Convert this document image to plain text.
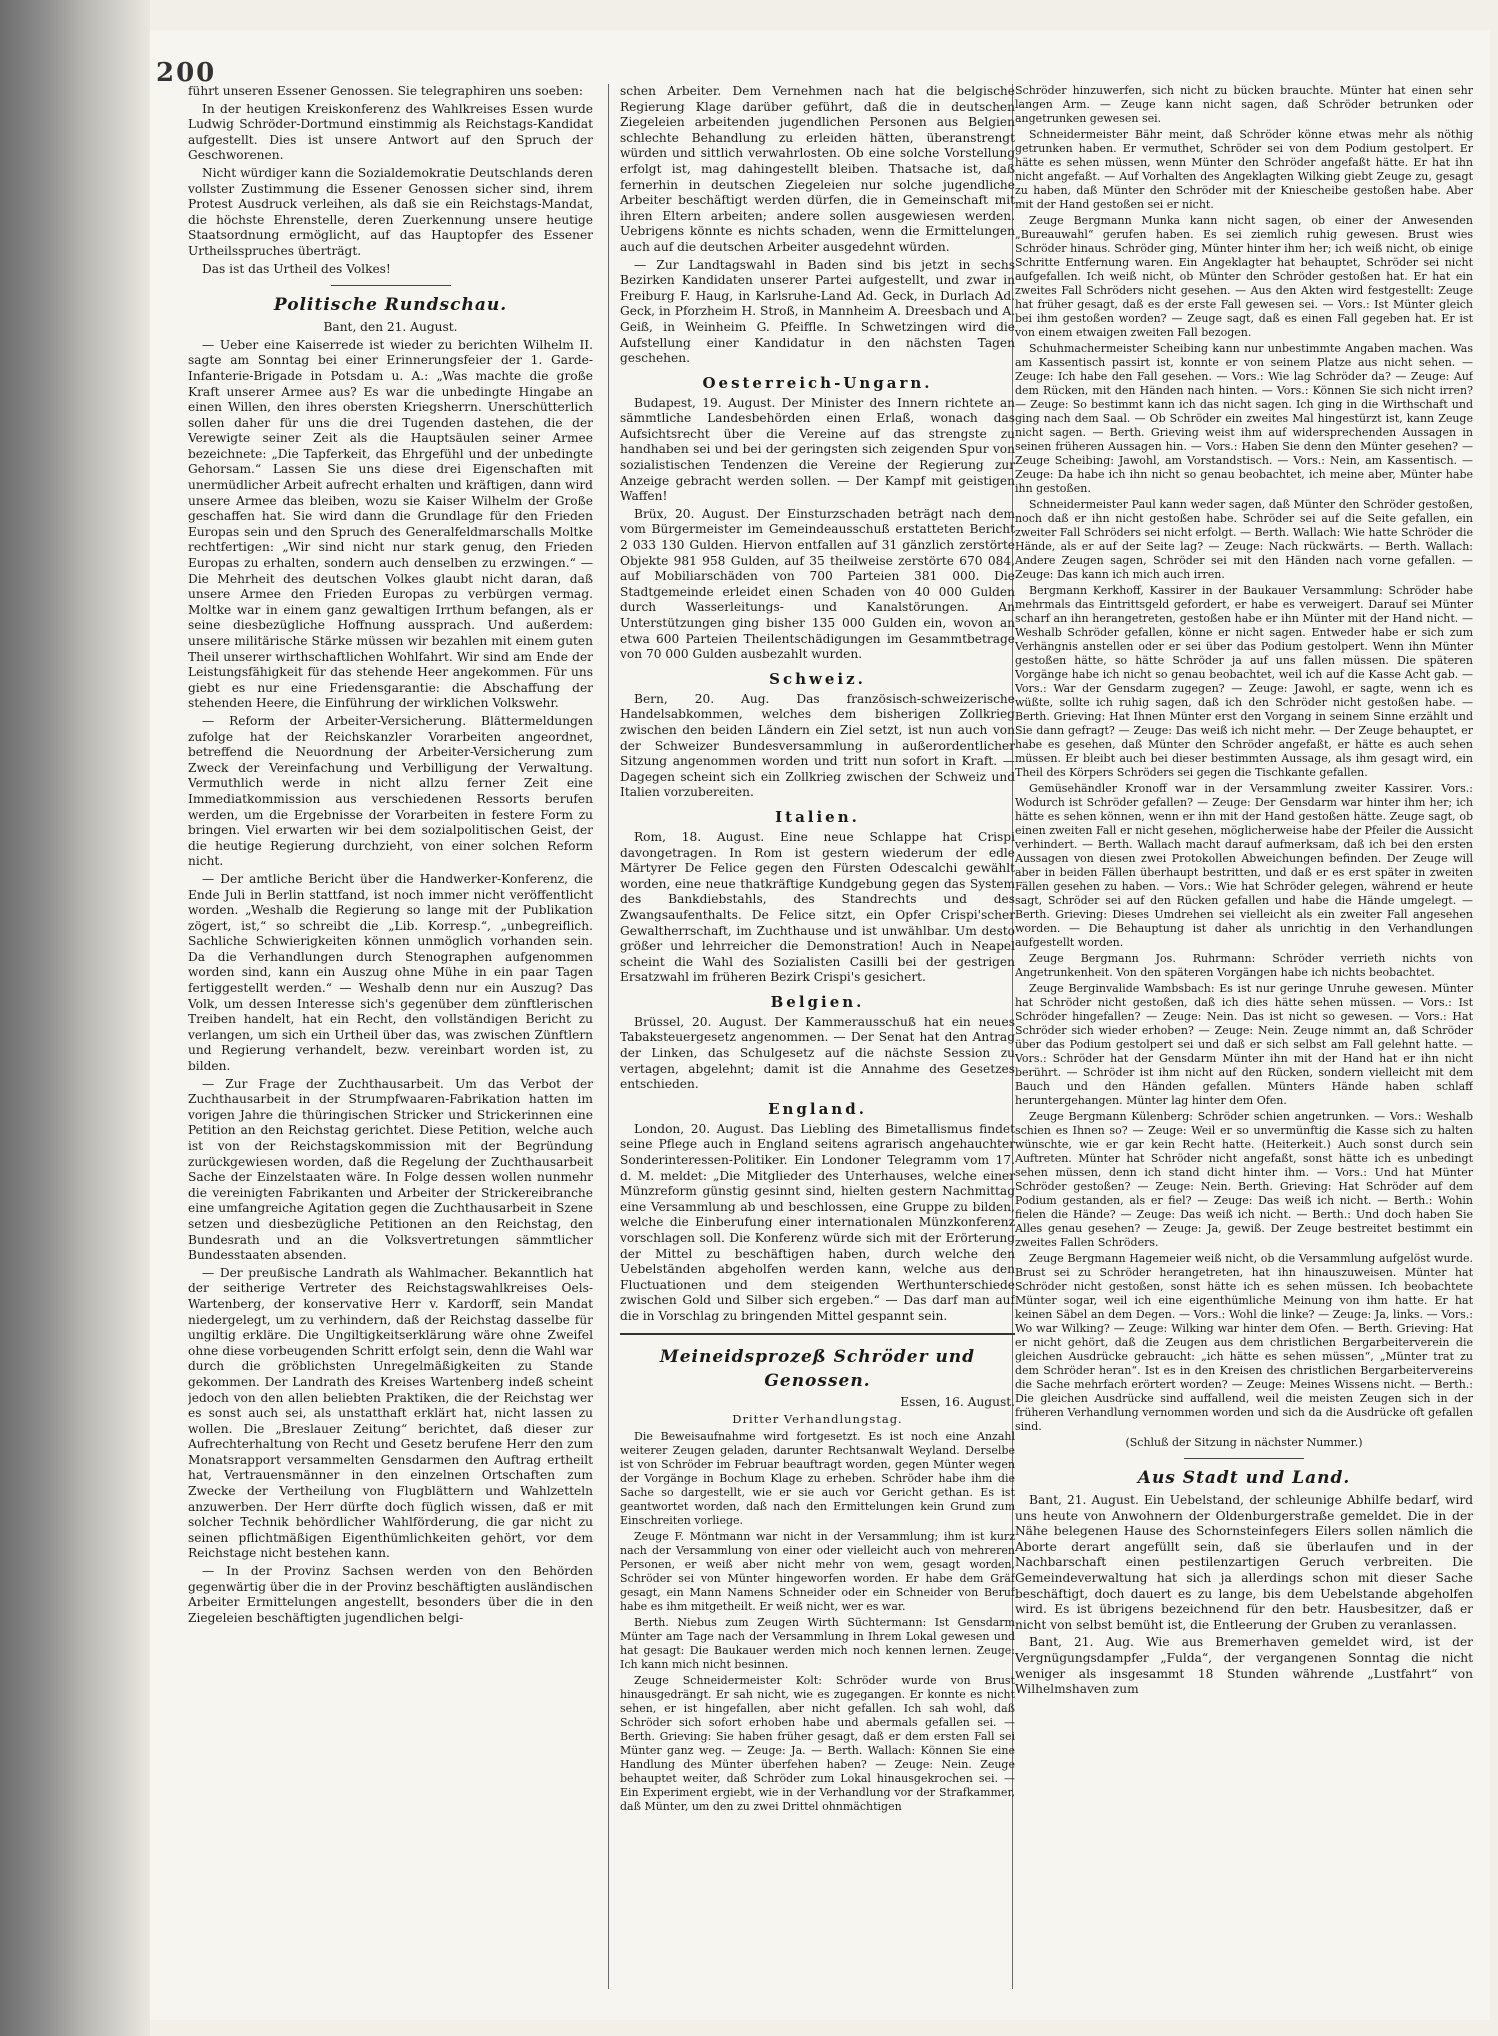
200

führt unseren Essener Genossen. Sie telegraphiren uns soeben:

In der heutigen Kreiskonferenz des Wahlkreises Essen wurde Ludwig Schröder-Dortmund einstimmig als Reichstags-Kandidat aufgestellt. Dies ist unsere Antwort auf den Spruch der Geschworenen.

Nicht würdiger kann die Sozialdemokratie Deutschlands deren vollster Zustimmung die Essener Genossen sicher sind, ihrem Protest Ausdruck verleihen, als daß sie ein Reichstags-Mandat, die höchste Ehrenstelle, deren Zuerkennung unsere heutige Staatsordnung ermöglicht, auf das Hauptopfer des Essener Urtheilsspruches überträgt.

Das ist das Urtheil des Volkes!

Politische Rundschau.

Bant, den 21. August.

— Ueber eine Kaiserrede ist wieder zu berichten Wilhelm II. sagte am Sonntag bei einer Erinnerungsfeier der 1. Garde-Infanterie-Brigade in Potsdam u. A.: „Was machte die große Kraft unserer Armee aus? Es war die unbedingte Hingabe an einen Willen, den ihres obersten Kriegsherrn. Unerschütterlich sollen daher für uns die drei Tugenden dastehen, die der Verewigte seiner Zeit als die Hauptsäulen seiner Armee bezeichnete: „Die Tapferkeit, das Ehrgefühl und der unbedingte Gehorsam.“ Lassen Sie uns diese drei Eigenschaften mit unermüdlicher Arbeit aufrecht erhalten und kräftigen, dann wird unsere Armee das bleiben, wozu sie Kaiser Wilhelm der Große geschaffen hat. Sie wird dann die Grundlage für den Frieden Europas sein und den Spruch des Generalfeldmarschalls Moltke rechtfertigen: „Wir sind nicht nur stark genug, den Frieden Europas zu erhalten, sondern auch denselben zu erzwingen.“ — Die Mehrheit des deutschen Volkes glaubt nicht daran, daß unsere Armee den Frieden Europas zu verbürgen vermag. Moltke war in einem ganz gewaltigen Irrthum befangen, als er seine diesbezügliche Hoffnung aussprach. Und außerdem: unsere militärische Stärke müssen wir bezahlen mit einem guten Theil unserer wirthschaftlichen Wohlfahrt. Wir sind am Ende der Leistungsfähigkeit für das stehende Heer angekommen. Für uns giebt es nur eine Friedensgarantie: die Abschaffung der stehenden Heere, die Einführung der wirklichen Volkswehr.

— Reform der Arbeiter-Versicherung. Blättermeldungen zufolge hat der Reichskanzler Vorarbeiten angeordnet, betreffend die Neuordnung der Arbeiter-Versicherung zum Zweck der Vereinfachung und Verbilligung der Verwaltung. Vermuthlich werde in nicht allzu ferner Zeit eine Immediatkommission aus verschiedenen Ressorts berufen werden, um die Ergebnisse der Vorarbeiten in festere Form zu bringen. Viel erwarten wir bei dem sozialpolitischen Geist, der die heutige Regierung durchzieht, von einer solchen Reform nicht.

— Der amtliche Bericht über die Handwerker-Konferenz, die Ende Juli in Berlin stattfand, ist noch immer nicht veröffentlicht worden. „Weshalb die Regierung so lange mit der Publikation zögert, ist,“ so schreibt die „Lib. Korresp.“, „unbegreiflich. Sachliche Schwierigkeiten können unmöglich vorhanden sein. Da die Verhandlungen durch Stenographen aufgenommen worden sind, kann ein Auszug ohne Mühe in ein paar Tagen fertiggestellt werden.“ — Weshalb denn nur ein Auszug? Das Volk, um dessen Interesse sich's gegenüber dem zünftlerischen Treiben handelt, hat ein Recht, den vollständigen Bericht zu verlangen, um sich ein Urtheil über das, was zwischen Zünftlern und Regierung verhandelt, bezw. vereinbart worden ist, zu bilden.

— Zur Frage der Zuchthausarbeit. Um das Verbot der Zuchthausarbeit in der Strumpfwaaren-Fabrikation hatten im vorigen Jahre die thüringischen Stricker und Strickerinnen eine Petition an den Reichstag gerichtet. Diese Petition, welche auch ist von der Reichstagskommission mit der Begründung zurückgewiesen worden, daß die Regelung der Zuchthausarbeit Sache der Einzelstaaten wäre. In Folge dessen wollen nunmehr die vereinigten Fabrikanten und Arbeiter der Strickereibranche eine umfangreiche Agitation gegen die Zuchthausarbeit in Szene setzen und diesbezügliche Petitionen an den Reichstag, den Bundesrath und an die Volksvertretungen sämmtlicher Bundesstaaten absenden.

— Der preußische Landrath als Wahlmacher. Bekanntlich hat der seitherige Vertreter des Reichstagswahlkreises Oels-Wartenberg, der konservative Herr v. Kardorff, sein Mandat niedergelegt, um zu verhindern, daß der Reichstag dasselbe für ungiltig erkläre. Die Ungiltigkeitserklärung wäre ohne Zweifel ohne diese vorbeugenden Schritt erfolgt sein, denn die Wahl war durch die gröblichsten Unregelmäßigkeiten zu Stande gekommen. Der Landrath des Kreises Wartenberg indeß scheint jedoch von den allen beliebten Praktiken, die der Reichstag wer es sonst auch sei, als unstatthaft erklärt hat, nicht lassen zu wollen. Die „Breslauer Zeitung“ berichtet, daß dieser zur Aufrechterhaltung von Recht und Gesetz berufene Herr den zum Monatsrapport versammelten Gensdarmen den Auftrag ertheilt hat, Vertrauensmänner in den einzelnen Ortschaften zum Zwecke der Vertheilung von Flugblättern und Wahlzetteln anzuwerben. Der Herr dürfte doch füglich wissen, daß er mit solcher Technik behördlicher Wahlförderung, die gar nicht zu seinen pflichtmäßigen Eigenthümlichkeiten gehört, vor dem Reichstage nicht bestehen kann.

— In der Provinz Sachsen werden von den Behörden gegenwärtig über die in der Provinz beschäftigten ausländischen Arbeiter Ermittelungen angestellt, besonders über die in den Ziegeleien beschäftigten jugendlichen belgi-

schen Arbeiter. Dem Vernehmen nach hat die belgische Regierung Klage darüber geführt, daß die in deutschen Ziegeleien arbeitenden jugendlichen Personen aus Belgien schlechte Behandlung zu erleiden hätten, überanstrengt würden und sittlich verwahrlosten. Ob eine solche Vorstellung erfolgt ist, mag dahingestellt bleiben. Thatsache ist, daß fernerhin in deutschen Ziegeleien nur solche jugendliche Arbeiter beschäftigt werden dürfen, die in Gemeinschaft mit ihren Eltern arbeiten; andere sollen ausgewiesen werden. Uebrigens könnte es nichts schaden, wenn die Ermittelungen auch auf die deutschen Arbeiter ausgedehnt würden.

— Zur Landtagswahl in Baden sind bis jetzt in sechs Bezirken Kandidaten unserer Partei aufgestellt, und zwar in Freiburg F. Haug, in Karlsruhe-Land Ad. Geck, in Durlach Ad. Geck, in Pforzheim H. Stroß, in Mannheim A. Dreesbach und A. Geiß, in Weinheim G. Pfeiffle. In Schwetzingen wird die Aufstellung einer Kandidatur in den nächsten Tagen geschehen.

Oesterreich-Ungarn.

Budapest, 19. August. Der Minister des Innern richtete an sämmtliche Landesbehörden einen Erlaß, wonach das Aufsichtsrecht über die Vereine auf das strengste zu handhaben sei und bei der geringsten sich zeigenden Spur von sozialistischen Tendenzen die Vereine der Regierung zur Anzeige gebracht werden sollen. — Der Kampf mit geistigen Waffen!

Brüx, 20. August. Der Einsturzschaden beträgt nach dem vom Bürgermeister im Gemeindeausschuß erstatteten Bericht 2 033 130 Gulden. Hiervon entfallen auf 31 gänzlich zerstörte Objekte 981 958 Gulden, auf 35 theilweise zerstörte 670 084, auf Mobiliarschäden von 700 Parteien 381 000. Die Stadtgemeinde erleidet einen Schaden von 40 000 Gulden durch Wasserleitungs- und Kanalstörungen. An Unterstützungen ging bisher 135 000 Gulden ein, wovon an etwa 600 Parteien Theilentschädigungen im Gesammtbetrage von 70 000 Gulden ausbezahlt wurden.

Schweiz.

Bern, 20. Aug. Das französisch-schweizerische Handelsabkommen, welches dem bisherigen Zollkrieg zwischen den beiden Ländern ein Ziel setzt, ist nun auch von der Schweizer Bundesversammlung in außerordentlicher Sitzung angenommen worden und tritt nun sofort in Kraft. — Dagegen scheint sich ein Zollkrieg zwischen der Schweiz und Italien vorzubereiten.

Italien.

Rom, 18. August. Eine neue Schlappe hat Crispi davongetragen. In Rom ist gestern wiederum der edle Märtyrer De Felice gegen den Fürsten Odescalchi gewählt worden, eine neue thatkräftige Kundgebung gegen das System des Bankdiebstahls, des Standrechts und des Zwangsaufenthalts. De Felice sitzt, ein Opfer Crispi'scher Gewaltherrschaft, im Zuchthause und ist unwählbar. Um desto größer und lehrreicher die Demonstration! Auch in Neapel scheint die Wahl des Sozialisten Casilli bei der gestrigen Ersatzwahl im früheren Bezirk Crispi's gesichert.

Belgien.

Brüssel, 20. August. Der Kammerausschuß hat ein neues Tabaksteuergesetz angenommen. — Der Senat hat den Antrag der Linken, das Schulgesetz auf die nächste Session zu vertagen, abgelehnt; damit ist die Annahme des Gesetzes entschieden.

England.

London, 20. August. Das Liebling des Bimetallismus findet seine Pflege auch in England seitens agrarisch angehauchter Sonderinteressen-Politiker. Ein Londoner Telegramm vom 17. d. M. meldet: „Die Mitglieder des Unterhauses, welche einer Münzreform günstig gesinnt sind, hielten gestern Nachmittag eine Versammlung ab und beschlossen, eine Gruppe zu bilden, welche die Einberufung einer internationalen Münzkonferenz vorschlagen soll. Die Konferenz würde sich mit der Erörterung der Mittel zu beschäftigen haben, durch welche den Uebelständen abgeholfen werden kann, welche aus den Fluctuationen und dem steigenden Werthunterschiede zwischen Gold und Silber sich ergeben.“ — Das darf man auf die in Vorschlag zu bringenden Mittel gespannt sein.

Meineidsprozeß Schröder und Genossen.

Essen, 16. August.

Dritter Verhandlungstag.

Die Beweisaufnahme wird fortgesetzt. Es ist noch eine Anzahl weiterer Zeugen geladen, darunter Rechtsanwalt Weyland. Derselbe ist von Schröder im Februar beauftragt worden, gegen Münter wegen der Vorgänge in Bochum Klage zu erheben. Schröder habe ihm die Sache so dargestellt, wie er sie auch vor Gericht gethan. Es ist geantwortet worden, daß nach den Ermittelungen kein Grund zum Einschreiten vorliege.

Zeuge F. Möntmann war nicht in der Versammlung; ihm ist kurz nach der Versammlung von einer oder vielleicht auch von mehreren Personen, er weiß aber nicht mehr von wem, gesagt worden, Schröder sei von Münter hingeworfen worden. Er habe dem Gräf gesagt, ein Mann Namens Schneider oder ein Schneider von Beruf habe es ihm mitgetheilt. Er weiß nicht, wer es war.

Berth. Niebus zum Zeugen Wirth Süchtermann: Ist Gensdarm Münter am Tage nach der Versammlung in Ihrem Lokal gewesen und hat gesagt: Die Baukauer werden mich noch kennen lernen. Zeuge: Ich kann mich nicht besinnen.

Zeuge Schneidermeister Kolt: Schröder wurde von Brust hinausgedrängt. Er sah nicht, wie es zugegangen. Er konnte es nicht sehen, er ist hingefallen, aber nicht gefallen. Ich sah wohl, daß Schröder sich sofort erhoben habe und abermals gefallen sei. — Berth. Grieving: Sie haben früher gesagt, daß er dem ersten Fall sei Münter ganz weg. — Zeuge: Ja. — Berth. Wallach: Können Sie eine Handlung des Münter überfehen haben? — Zeuge: Nein. Zeuge behauptet weiter, daß Schröder zum Lokal hinausgekrochen sei. — Ein Experiment ergiebt, wie in der Verhandlung vor der Strafkammer, daß Münter, um den zu zwei Drittel ohnmächtigen

Schröder hinzuwerfen, sich nicht zu bücken brauchte. Münter hat einen sehr langen Arm. — Zeuge kann nicht sagen, daß Schröder betrunken oder angetrunken gewesen sei.

Schneidermeister Bähr meint, daß Schröder könne etwas mehr als nöthig getrunken haben. Er vermuthet, Schröder sei von dem Podium gestolpert. Er hätte es sehen müssen, wenn Münter den Schröder angefaßt hätte. Er hat ihn nicht angefaßt. — Auf Vorhalten des Angeklagten Wilking giebt Zeuge zu, gesagt zu haben, daß Münter den Schröder mit der Kniescheibe gestoßen habe. Aber mit der Hand gestoßen sei er nicht.

Zeuge Bergmann Munka kann nicht sagen, ob einer der Anwesenden „Bureauwahl“ gerufen haben. Es sei ziemlich ruhig gewesen. Brust wies Schröder hinaus. Schröder ging, Münter hinter ihm her; ich weiß nicht, ob einige Schritte Entfernung waren. Ein Angeklagter hat behauptet, Schröder sei nicht aufgefallen. Ich weiß nicht, ob Münter den Schröder gestoßen hat. Er hat ein zweites Fall Schröders nicht gesehen. — Aus den Akten wird festgestellt: Zeuge hat früher gesagt, daß es der erste Fall gewesen sei. — Vors.: Ist Münter gleich bei ihm gestoßen worden? — Zeuge sagt, daß es einen Fall gegeben hat. Er ist von einem etwaigen zweiten Fall bezogen.

Schuhmachermeister Scheibing kann nur unbestimmte Angaben machen. Was am Kassentisch passirt ist, konnte er von seinem Platze aus nicht sehen. — Zeuge: Ich habe den Fall gesehen. — Vors.: Wie lag Schröder da? — Zeuge: Auf dem Rücken, mit den Händen nach hinten. — Vors.: Können Sie sich nicht irren? — Zeuge: So bestimmt kann ich das nicht sagen. Ich ging in die Wirthschaft und ging nach dem Saal. — Ob Schröder ein zweites Mal hingestürzt ist, kann Zeuge nicht sagen. — Berth. Grieving weist ihm auf widersprechenden Aussagen in seinen früheren Aussagen hin. — Vors.: Haben Sie denn den Münter gesehen? — Zeuge Scheibing: Jawohl, am Vorstandstisch. — Vors.: Nein, am Kassentisch. — Zeuge: Da habe ich ihn nicht so genau beobachtet, ich meine aber, Münter habe ihn gestoßen.

Schneidermeister Paul kann weder sagen, daß Münter den Schröder gestoßen, noch daß er ihn nicht gestoßen habe. Schröder sei auf die Seite gefallen, ein zweiter Fall Schröders sei nicht erfolgt. — Berth. Wallach: Wie hatte Schröder die Hände, als er auf der Seite lag? — Zeuge: Nach rückwärts. — Berth. Wallach: Andere Zeugen sagen, Schröder sei mit den Händen nach vorne gefallen. — Zeuge: Das kann ich mich auch irren.

Bergmann Kerkhoff, Kassirer in der Baukauer Versammlung: Schröder habe mehrmals das Eintrittsgeld gefordert, er habe es verweigert. Darauf sei Münter scharf an ihn herangetreten, gestoßen habe er ihn Münter mit der Hand nicht. — Weshalb Schröder gefallen, könne er nicht sagen. Entweder habe er sich zum Verhängnis anstellen oder er sei über das Podium gestolpert. Wenn ihn Münter gestoßen hätte, so hätte Schröder ja auf uns fallen müssen. Die späteren Vorgänge habe ich nicht so genau beobachtet, weil ich auf die Kasse Acht gab. — Vors.: War der Gensdarm zugegen? — Zeuge: Jawohl, er sagte, wenn ich es wüßte, sollte ich ruhig sagen, daß ich den Schröder nicht gestoßen habe. — Berth. Grieving: Hat Ihnen Münter erst den Vorgang in seinem Sinne erzählt und Sie dann gefragt? — Zeuge: Das weiß ich nicht mehr. — Der Zeuge behauptet, er habe es gesehen, daß Münter den Schröder angefaßt, er hätte es auch sehen müssen. Er bleibt auch bei dieser bestimmten Aussage, als ihm gesagt wird, ein Theil des Körpers Schröders sei gegen die Tischkante gefallen.

Gemüsehändler Kronoff war in der Versammlung zweiter Kassirer. Vors.: Wodurch ist Schröder gefallen? — Zeuge: Der Gensdarm war hinter ihm her; ich hätte es sehen können, wenn er ihn mit der Hand gestoßen hätte. Zeuge sagt, ob einen zweiten Fall er nicht gesehen, möglicherweise habe der Pfeiler die Aussicht verhindert. — Berth. Wallach macht darauf aufmerksam, daß ich bei den ersten Aussagen von diesen zwei Protokollen Abweichungen befinden. Der Zeuge will aber in beiden Fällen überhaupt bestritten, und daß er es erst später in zweiten Fällen gesehen zu haben. — Vors.: Wie hat Schröder gelegen, während er heute sagt, Schröder sei auf den Rücken gefallen und habe die Hände umgelegt. — Berth. Grieving: Dieses Umdrehen sei vielleicht als ein zweiter Fall angesehen worden. — Die Behauptung ist daher als unrichtig in den Verhandlungen aufgestellt worden.

Zeuge Bergmann Jos. Ruhrmann: Schröder verrieth nichts von Angetrunkenheit. Von den späteren Vorgängen habe ich nichts beobachtet.

Zeuge Berginvalide Wambsbach: Es ist nur geringe Unruhe gewesen. Münter hat Schröder nicht gestoßen, daß ich dies hätte sehen müssen. — Vors.: Ist Schröder hingefallen? — Zeuge: Nein. Das ist nicht so gewesen. — Vors.: Hat Schröder sich wieder erhoben? — Zeuge: Nein. Zeuge nimmt an, daß Schröder über das Podium gestolpert sei und daß er sich selbst am Fall gelehnt hatte. — Vors.: Schröder hat der Gensdarm Münter ihn mit der Hand hat er ihn nicht berührt. — Schröder ist ihm nicht auf den Rücken, sondern vielleicht mit dem Bauch und den Händen gefallen. Münters Hände haben schlaff heruntergehangen. Münter lag hinter dem Ofen.

Zeuge Bergmann Külenberg: Schröder schien angetrunken. — Vors.: Weshalb schien es Ihnen so? — Zeuge: Weil er so unvermünftig die Kasse sich zu halten wünschte, wie er gar kein Recht hatte. (Heiterkeit.) Auch sonst durch sein Auftreten. Münter hat Schröder nicht angefaßt, sonst hätte ich es unbedingt sehen müssen, denn ich stand dicht hinter ihm. — Vors.: Und hat Münter Schröder gestoßen? — Zeuge: Nein. Berth. Grieving: Hat Schröder auf dem Podium gestanden, als er fiel? — Zeuge: Das weiß ich nicht. — Berth.: Wohin fielen die Hände? — Zeuge: Das weiß ich nicht. — Berth.: Und doch haben Sie Alles genau gesehen? — Zeuge: Ja, gewiß. Der Zeuge bestreitet bestimmt ein zweites Fallen Schröders.

Zeuge Bergmann Hagemeier weiß nicht, ob die Versammlung aufgelöst wurde. Brust sei zu Schröder herangetreten, hat ihn hinauszuweisen. Münter hat Schröder nicht gestoßen, sonst hätte ich es sehen müssen. Ich beobachtete Münter sogar, weil ich eine eigenthümliche Meinung von ihm hatte. Er hat keinen Säbel an dem Degen. — Vors.: Wohl die linke? — Zeuge: Ja, links. — Vors.: Wo war Wilking? — Zeuge: Wilking war hinter dem Ofen. — Berth. Grieving: Hat er nicht gehört, daß die Zeugen aus dem christlichen Bergarbeiterverein die gleichen Ausdrücke gebraucht: „ich hätte es sehen müssen“, „Münter trat zu dem Schröder heran“. Ist es in den Kreisen des christlichen Bergarbeitervereins die Sache mehrfach erörtert worden? — Zeuge: Meines Wissens nicht. — Berth.: Die gleichen Ausdrücke sind auffallend, weil die meisten Zeugen sich in der früheren Verhandlung vernommen worden und sich da die Ausdrücke oft gefallen sind.

(Schluß der Sitzung in nächster Nummer.)

Aus Stadt und Land.

Bant, 21. August. Ein Uebelstand, der schleunige Abhilfe bedarf, wird uns heute von Anwohnern der Oldenburgerstraße gemeldet. Die in der Nähe belegenen Hause des Schornsteinfegers Eilers sollen nämlich die Aborte derart angefüllt sein, daß sie überlaufen und in der Nachbarschaft einen pestilenzartigen Geruch verbreiten. Die Gemeindeverwaltung hat sich ja allerdings schon mit dieser Sache beschäftigt, doch dauert es zu lange, bis dem Uebelstande abgeholfen wird. Es ist übrigens bezeichnend für den betr. Hausbesitzer, daß er nicht von selbst bemüht ist, die Entleerung der Gruben zu veranlassen.

Bant, 21. Aug. Wie aus Bremerhaven gemeldet wird, ist der Vergnügungsdampfer „Fulda“, der vergangenen Sonntag die nicht weniger als insgesammt 18 Stunden währende „Lustfahrt“ von Wilhelmshaven zum
